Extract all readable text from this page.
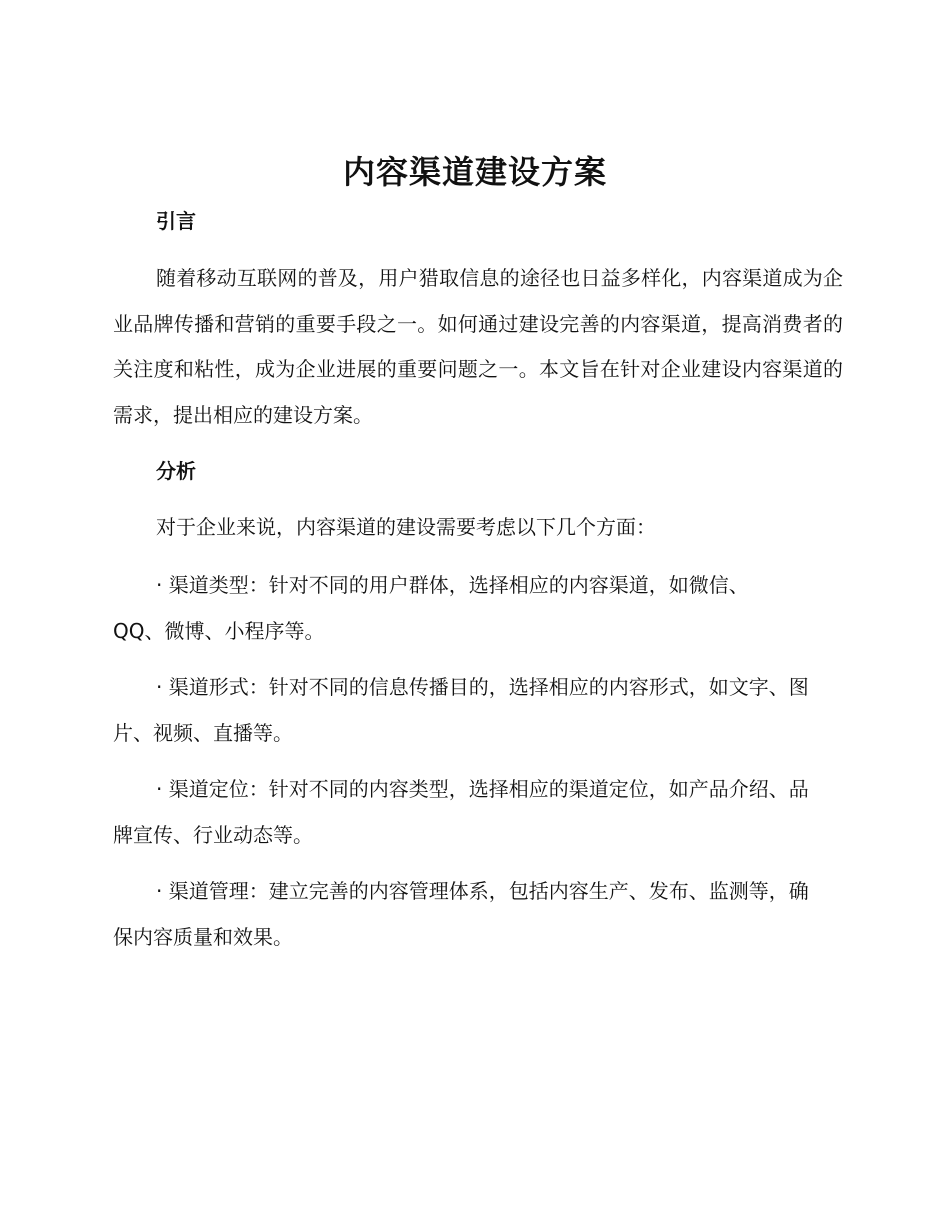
内容渠道建设方案
引言

随着移动互联网的普及，用户猎取信息的途径也日益多样化，内容渠道成为企业品牌传播和营销的重要手段之一。如何通过建设完善的内容渠道，提高消费者的关注度和粘性，成为企业进展的重要问题之一。本文旨在针对企业建设内容渠道的需求，提出相应的建设方案。

分析

对于企业来说，内容渠道的建设需要考虑以下几个方面：

· 渠道类型：针对不同的用户群体，选择相应的内容渠道，如微信、QQ、微博、小程序等。

· 渠道形式：针对不同的信息传播目的，选择相应的内容形式，如文字、图片、视频、直播等。

· 渠道定位：针对不同的内容类型，选择相应的渠道定位，如产品介绍、品牌宣传、行业动态等。

· 渠道管理：建立完善的内容管理体系，包括内容生产、发布、监测等，确保内容质量和效果。
